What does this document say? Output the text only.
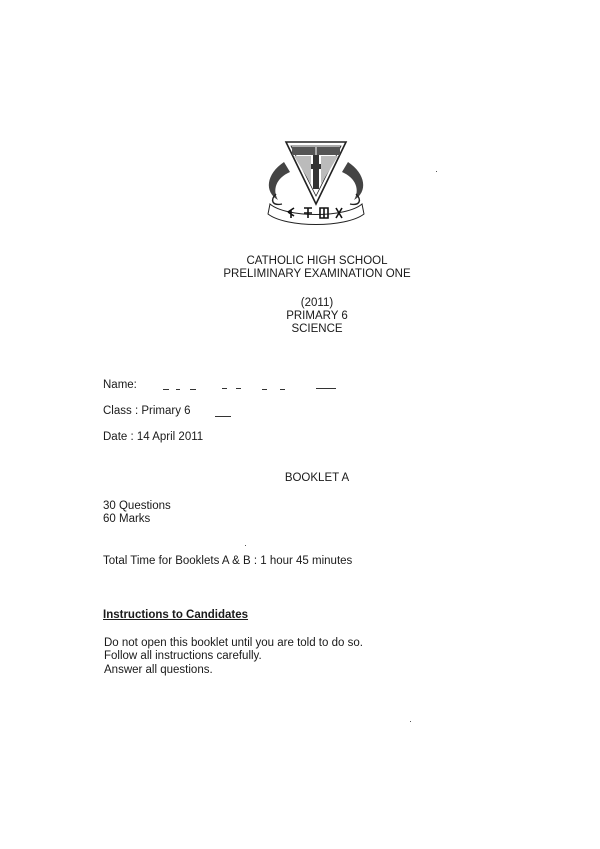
CATHOLIC HIGH SCHOOL
PRELIMINARY EXAMINATION ONE
(2011)
PRIMARY 6
SCIENCE
Name:
Class : Primary 6
Date : 14 April 2011
BOOKLET A
30 Questions
60 Marks
Total Time for Booklets A & B : 1 hour 45 minutes
Instructions to Candidates
Do not open this booklet until you are told to do so.
Follow all instructions carefully.
Answer all questions.
